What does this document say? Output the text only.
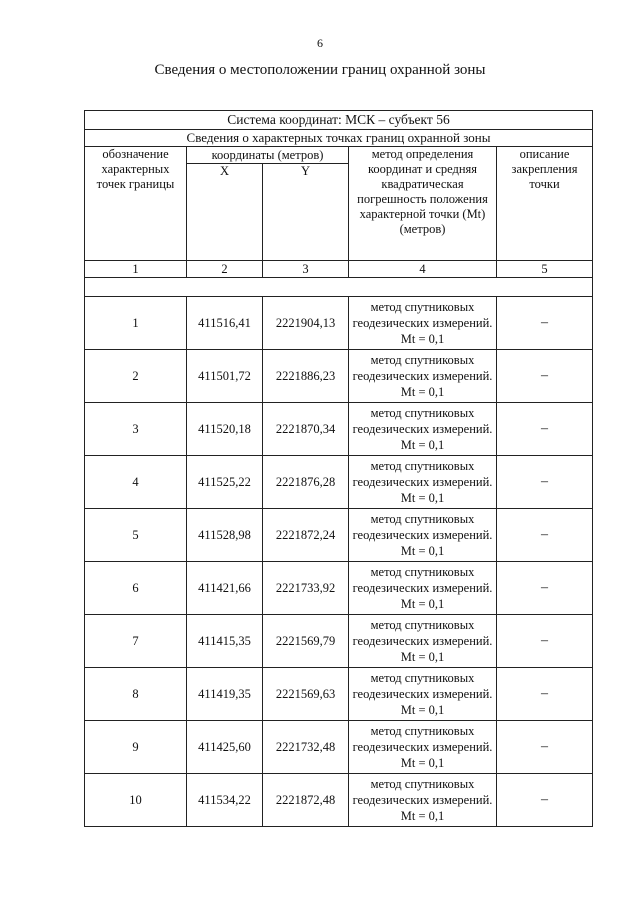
6
Сведения о местоположении границ охранной зоны
Система координат: МСК – субъект 56				
Сведения о характерных точках границ охранной зоны				
обозначение характерных точек границы	координаты (метров)		метод определения координат и средняя квадратическая погрешность положения характерной точки (Mt) (метров)	описание закрепления точки
	X	Y		
1	2	3	4	5

1	411516,41	2221904,13	метод спутниковых геодезических измерений. Mt = 0,1	–
2	411501,72	2221886,23	метод спутниковых геодезических измерений. Mt = 0,1	–
3	411520,18	2221870,34	метод спутниковых геодезических измерений. Mt = 0,1	–
4	411525,22	2221876,28	метод спутниковых геодезических измерений. Mt = 0,1	–
5	411528,98	2221872,24	метод спутниковых геодезических измерений. Mt = 0,1	–
6	411421,66	2221733,92	метод спутниковых геодезических измерений. Mt = 0,1	–
7	411415,35	2221569,79	метод спутниковых геодезических измерений. Mt = 0,1	–
8	411419,35	2221569,63	метод спутниковых геодезических измерений. Mt = 0,1	–
9	411425,60	2221732,48	метод спутниковых геодезических измерений. Mt = 0,1	–
10	411534,22	2221872,48	метод спутниковых геодезических измерений. Mt = 0,1	–
